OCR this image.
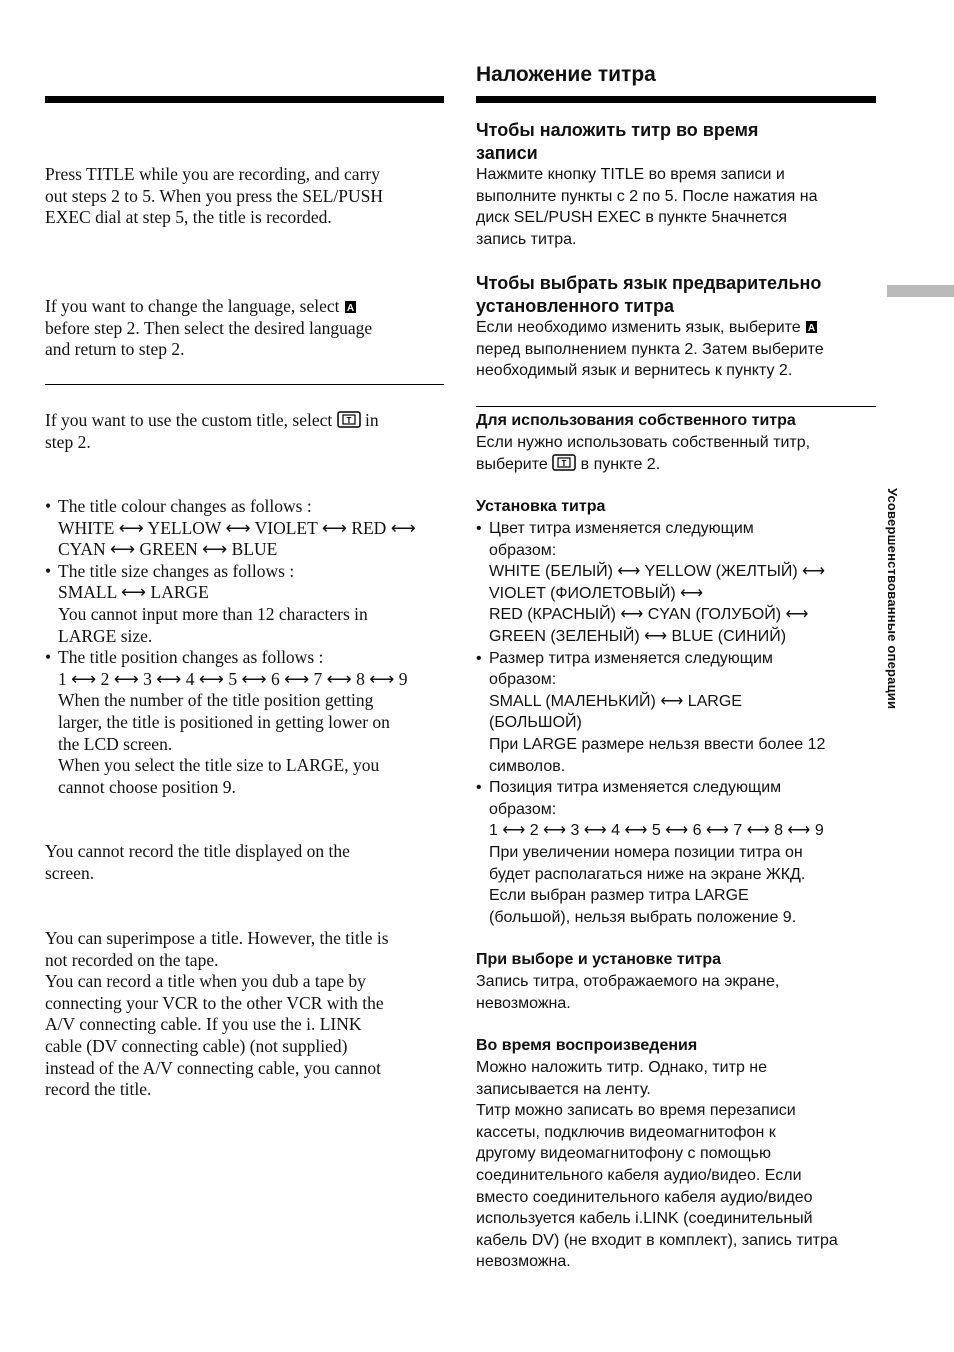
Наложение титра
Press TITLE while you are recording, and carry
out steps 2 to 5. When you press the SEL/PUSH
EXEC dial at step 5, the title is recorded.
If you want to change the language, select A
before step 2. Then select the desired language
and return to step 2.
If you want to use the custom title, select T in
step 2.
• The title colour changes as follows :
WHITE ⟷ YELLOW ⟷ VIOLET ⟷ RED ⟷
CYAN ⟷ GREEN ⟷ BLUE
• The title size changes as follows :
SMALL ⟷ LARGE
You cannot input more than 12 characters in
LARGE size.
• The title position changes as follows :
1 ⟷ 2 ⟷ 3 ⟷ 4 ⟷ 5 ⟷ 6 ⟷ 7 ⟷ 8 ⟷ 9
When the number of the title position getting
larger, the title is positioned in getting lower on
the LCD screen.
When you select the title size to LARGE, you
cannot choose position 9.
You cannot record the title displayed on the
screen.
You can superimpose a title. However, the title is
not recorded on the tape.
You can record a title when you dub a tape by
connecting your VCR to the other VCR with the
A/V connecting cable. If you use the i. LINK
cable (DV connecting cable) (not supplied)
instead of the A/V connecting cable, you cannot
record the title.
Чтобы наложить титр во время
записи
Нажмите кнопку TITLE во время записи и
выполните пункты с 2 по 5. После нажатия на
диск SEL/PUSH EXEC в пункте 5начнется
запись титра.
Чтобы выбрать язык предварительно
установленного титра
Если необходимо изменить язык, выберите A
перед выполнением пункта 2. Затем выберите
необходимый язык и вернитесь к пункту 2.
Для использования собственного титра
Если нужно использовать собственный титр,
выберите T в пункте 2.
Установка титра
• Цвет титра изменяется следующим
образом:
WHITE (БЕЛЫЙ) ⟷ YELLOW (ЖЕЛТЫЙ) ⟷
VIOLET (ФИОЛЕТОВЫЙ) ⟷
RED (КРАСНЫЙ) ⟷ CYAN (ГОЛУБОЙ) ⟷
GREEN (ЗЕЛЕНЫЙ) ⟷ BLUE (СИНИЙ)
• Размер титра изменяется следующим
образом:
SMALL (МАЛЕНЬКИЙ) ⟷ LARGE
(БОЛЬШОЙ)
При LARGE размере нельзя ввести более 12
символов.
• Позиция титра изменяется следующим
образом:
1 ⟷ 2 ⟷ 3 ⟷ 4 ⟷ 5 ⟷ 6 ⟷ 7 ⟷ 8 ⟷ 9
При увеличении номера позиции титра он
будет располагаться ниже на экране ЖКД.
Если выбран размер титра LARGE
(большой), нельзя выбрать положение 9.
При выборе и установке титра
Запись титра, отображаемого на экране,
невозможна.
Во время воспроизведения
Можно наложить титр. Однако, титр не
записывается на ленту.
Титр можно записать во время перезаписи
кассеты, подключив видеомагнитофон к
другому видеомагнитофону с помощью
соединительного кабеля аудио/видео. Если
вместо соединительного кабеля аудио/видео
используется кабель i.LINK (соединительный
кабель DV) (не входит в комплект), запись титра
невозможна.
Усовершенствованные операции
